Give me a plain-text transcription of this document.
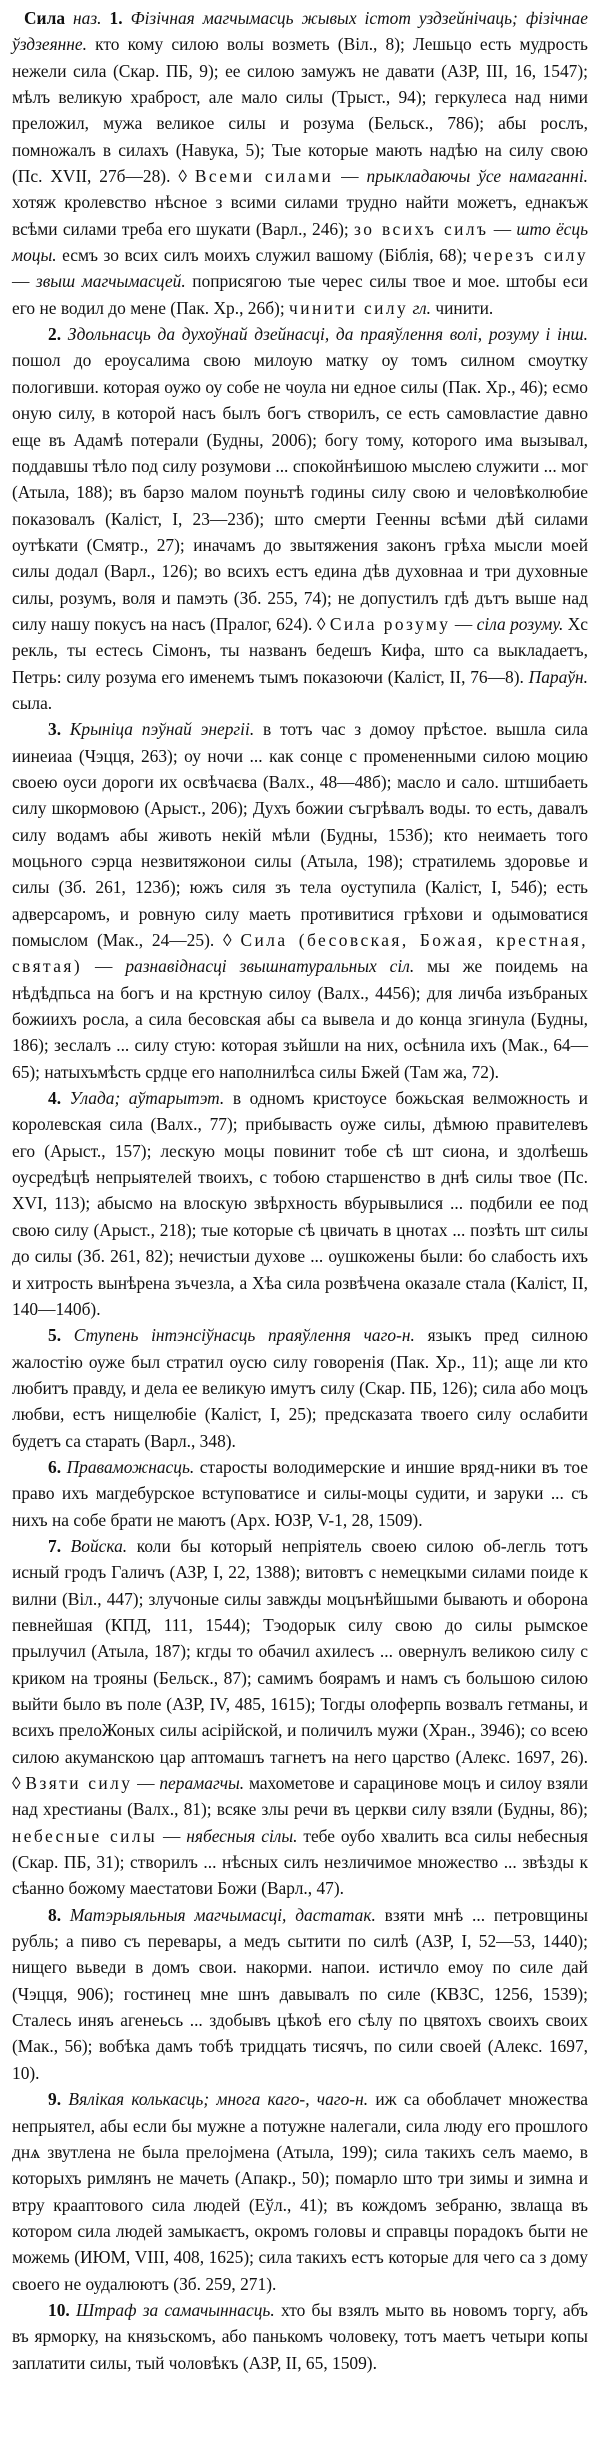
Сила наз. 1. Фізічная магчымасць жывых істот уздзейнічаць; фізічнае ўздзеянне. кто кому силою волы возметь (Віл., 8); Лешьцо есть мудрость нежели сила (Скар. ПБ, 9); ее силою замужъ не давати (АЗР, III, 16, 1547); мѣлъ великую храброст, але мало силы (Трыст., 94); геркулеса над ними преложил, мужа великое силы и розума (Бельск., 786); абы рослъ, помножалъ в силахъ (Навука, 5); Тые которые мають надѣю на силу свою (Пс. XVII, 27б—28). ◊ Всеми силами — прыкладаючы ўсе намаганні. хотяж кролевство нѣсное з всими силами трудно найти можетъ, еднакъж всѣми силами треба его шукати (Варл., 246); зо всихъ силъ — што ёсць моцы. есмъ зо всих силъ моихъ служил вашому (Біблія, 68); черезъ силу — звыш магчымасцей. поприсягою тые черес силы твое и мое. штобы еси его не водил до мене (Пак. Хр., 26б); чинити силу гл. чинити.

2. Здольнасць да духоўнай дзейнасці, да праяўлення волі, розуму і інш. пошол до ероусалима свою милоую матку оу томъ силном смоутку пологивши. которая оужо оу собе не чоула ни едное силы (Пак. Хр., 46); есмо оную силу, в которой насъ былъ богъ створилъ, се есть самовластие давно еще въ Адамѣ потерали (Будны, 2006); богу тому, которого има вызывал, поддавшы тѣло под силу розумови ... спокойнѣишою мыслею служити ... мог (Атыла, 188); въ барзо малом поуньтѣ годины силу свою и человѣколюбие показовалъ (Каліст, I, 23—23б); што смерти Геенны всѣми дѣй силами оутѣкати (Смятр., 27); иначамъ до звытяжения законъ грѣха мысли моей силы додал (Варл., 126); во всихъ естъ едина дѣв духовнаа и три духовные силы, розумъ, воля и памэть (Зб. 255, 74); не допустилъ гдѣ дътъ выше над силу нашу покусъ на насъ (Пралог, 624). ◊ Сила розуму — сіла розуму. Хс рекль, ты естесь Сімонъ, ты названъ бeдешъ Кифа, што са выкладаетъ, Петрь: силу розума его именемъ тымъ показоючи (Каліст, II, 76—8). Параўн. сыла.

3. Крыніца пэўнай энергіі. в тотъ час з домоу прѣстое. вышла сила иинеиаа (Чэцця, 263); оу ночи ... как сонце с промененными силою моцию своею оуси дороги их освѣчаєва (Валх., 48—48б); масло и сало. штшибаеть силу шкормовою (Арыст., 206); Духъ божии съгрѣвалъ воды. то есть, давалъ силу водамъ абы животь некій мѣли (Будны, 153б); кто неимаеть того моцьного сэрца незвитяжонои силы (Атыла, 198); стратилемь здоровье и силы (Зб. 261, 123б); южъ силя зъ тела оуступила (Каліст, I, 54б); есть адверсаромъ, и ровную силу маеть противитися грѣхови и одымоватися помыслом (Мак., 24—25). ◊ Сила (бесовская, Божая, крестная, святая) — разнавіднасці звышнатуральных сіл. мы же поидемь на нѣдѣдпьса на богъ и на крстную силоу (Валх., 4456); для личба изъбраных божиихъ росла, а сила бесовская абы са вывела и до конца згинула (Будны, 186); зеслалъ ... силу стую: которая зъйшли на них, осѣнила ихъ (Мак., 64—65); натыхъмѣсть срдце его наполнилѣса силы Бжей (Там жа, 72).

4. Улада; аўтарытэт. в одномъ кристоусе божьская велможность и королевская сила (Валх., 77); прибывасть оуже силы, дѣмюю правителевъ его (Арыст., 157); лескую моцы повинит тобе сѣ шт сиона, и здолѣешь оусредѣцѣ непрыятелей твоихъ, с тобою старшенство в днѣ силы твое (Пс. XVI, 113); абысмо на влоскую звѣрхность вбурывылися ... подбили ее под свою силу (Арыст., 218); тые которые сѣ цвичать в цнотах ... позѣть шт силы до силы (Зб. 261, 82); нечистыи духове ... оушкожены были: бо слабость ихъ и хитрость вынѣрена зъчезла, а Хѣа сила розвѣчена оказале стала (Каліст, II, 140—140б).

5. Ступень інтэнсіўнасць праяўлення чаго-н. языкъ пред силною жалостію оуже был стратил оусю силу говоренія (Пак. Хр., 11); аще ли кто любитъ правду, и дела ее великую имутъ силу (Скар. ПБ, 126); сила або моцъ любви, естъ нищелюбіе (Каліст, I, 25); предсказатa твоего силу ослабити будетъ са старать (Варл., 348).

6. Праваможнасць. староcты володимерские и иншие вряд-ники въ тое право ихъ магдебурское вступоватисе и силы-моцы судити, и заруки ... съ нихъ на собе брати не маютъ (Арх. ЮЗР, V-1, 28, 1509).

7. Войска. коли бы который непріятель своею силою об-легль тотъ исный гродъ Галичъ (АЗР, I, 22, 1388); витовтъ с немецкыми силами поиде к вилни (Віл., 447); злучоные силы завжды моцънѣйшыми бывають и оборона певнейшая (КПД, 111, 1544); Тэодорык силу свою до силы рымское прылучил (Атыла, 187); кгды то обачил ахилесъ ... овернулъ великою силу с криком на трояны (Бельск., 87); самимъ боярамъ и намъ съ большою силою выйти было въ поле (АЗР, IV, 485, 1615); Тогды олоферпь возвалъ гетманы, и всихъ прелоЖоных силы асірійской, и поличилъ мужи (Хран., 3946); со всею силою акуманскою цар аптомашъ тагнетъ на него царство (Алекс. 1697, 26). ◊ Взяти силу — перамагчы. махометове и сарацинове моцъ и силоу взяли над хрестианы (Валх., 81); всяке злы речи въ церкви силу взяли (Будны, 86); небесные силы — нябесныя сілы. тебе оубо хвалить вса силы небесныя (Скар. ПБ, 31); створилъ ... нѣсных силъ незличимое множество ... звѣзды к сѣанно божому мaестатови Божи (Варл., 47).

8. Матэрыяльныя магчымасці, дастатак. взяти мнѣ ... петровщины рубль; а пиво съ перевары, а медъ сытити по силѣ (АЗР, I, 52—53, 1440); нищего вьведи в домъ свои. накорми. напои. истичло емоу по силе дай (Чэцця, 906); гостинец мне шнъ давывалъ по силе (КВЗС, 1256, 1539); Сталесь иняъ агенеьсь ... здобывъ цѣкоѣ его сѣлу по цвятохъ своихъ своих (Мак., 56); вобѣка дамъ тобѣ тридцать тисячъ, по сили своей (Алекс. 1697, 10).

9. Вялікая колькасць; многа каго-, чаго-н. иж са обоблачет множества непрыятел, абы если бы мужне а потужне налегали, сила люду его прошлого днѧ звутлена не была прелоjмена (Атыла, 199); сила такихъ селъ маемо, в которыхъ римлянъ не мачеть (Апакр., 50); помарло што три зимы и зимна и втру крааптового сила людей (Еўл., 41); въ кождомъ зебраню, звлаща въ котором сила людей замыкаєтъ, окромъ головы и справцы порадокъ быти не можемь (ИЮМ, VIII, 408, 1625); сила такихъ естъ которые для чего са з дому своего не оудалюютъ (Зб. 259, 271).

10. Штраф за самачыннасць. хто бы взялъ мыто вь новомъ торгу, абъ въ ярморку, на князьскомъ, або панькомъ чоловеку, тотъ маетъ четыри копы заплатити силы, тый чоловѣкъ (АЗР, II, 65, 1509).
